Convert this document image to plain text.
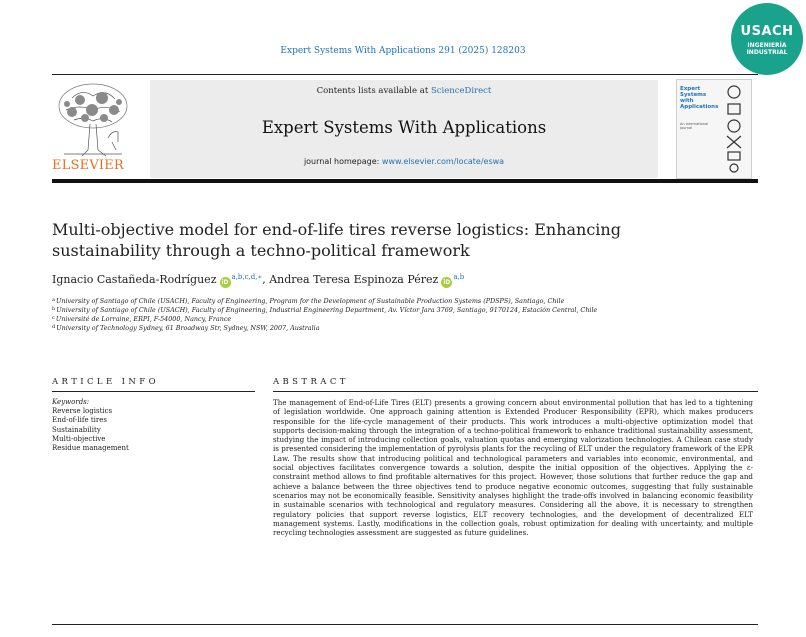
Expert Systems With Applications 291 (2025) 128203
USACH
INGENIERÍA
INDUSTRIAL
ELSEVIER
Contents lists available at ScienceDirect
Expert Systems With Applications
journal homepage: www.elsevier.com/locate/eswa
Expert Systems with Applications
An International Journal
Multi-objective model for end-of-life tires reverse logistics: Enhancing sustainability through a techno-political framework
Ignacio Castañeda-Rodríguez $iD^{a,b,c,d,∗}$, Andrea Teresa Espinoza Pérez iD$^{a,b}$
$^a$University of Santiago of Chile (USACH), Faculty of Engineering, Program for the Development of Sustainable Production Systems (PDSPS), Santiago, Chile
$^b$University of Santiago of Chile (USACH), Faculty of Engineering, Industrial Engineering Department, Av. Víctor Jara 3769, Santiago, 9170124, Estación Central, Chile
$^c$Université de Lorraine, ERPI, F-54000, Nancy, France
$^d$University of Technology Sydney, 61 Broadway Str, Sydney, NSW, 2007, Australia
ARTICLE INFO	ABSTRACT
Keywords:
Reverse logistics
End-of-life tires
Sustainability
Multi-objective
Residue management
The management of End-of-Life Tires (ELT) presents a growing concern about environmental pollution that has led to a tightening of legislation worldwide. One approach gaining attention is Extended Producer Responsibility (EPR), which makes producers responsible for the life-cycle management of their products. This work introduces a multi-objective optimization model that supports decision-making through the integration of a techno-political framework to enhance traditional sustainability assessment, studying the impact of introducing collection goals, valuation quotas and emerging valorization technologies. A Chilean case study is presented considering the implementation of pyrolysis plants for the recycling of ELT under the regulatory framework of the EPR Law. The results show that introducing political and technological parameters and variables into economic, environmental, and social objectives facilitates convergence towards a solution, despite the initial opposition of the objectives. Applying the ε-constraint method allows to find profitable alternatives for this project. However, those solutions that further reduce the gap and achieve a balance between the three objectives tend to produce negative economic outcomes, suggesting that fully sustainable scenarios may not be economically feasible. Sensitivity analyses highlight the trade-offs involved in balancing economic feasibility in sustainable scenarios with technological and regulatory measures. Considering all the above, it is necessary to strengthen regulatory policies that support reverse logistics, ELT recovery technologies, and the development of decentralized ELT management systems. Lastly, modifications in the collection goals, robust optimization for dealing with uncertainty, and multiple recycling technologies assessment are suggested as future guidelines.
